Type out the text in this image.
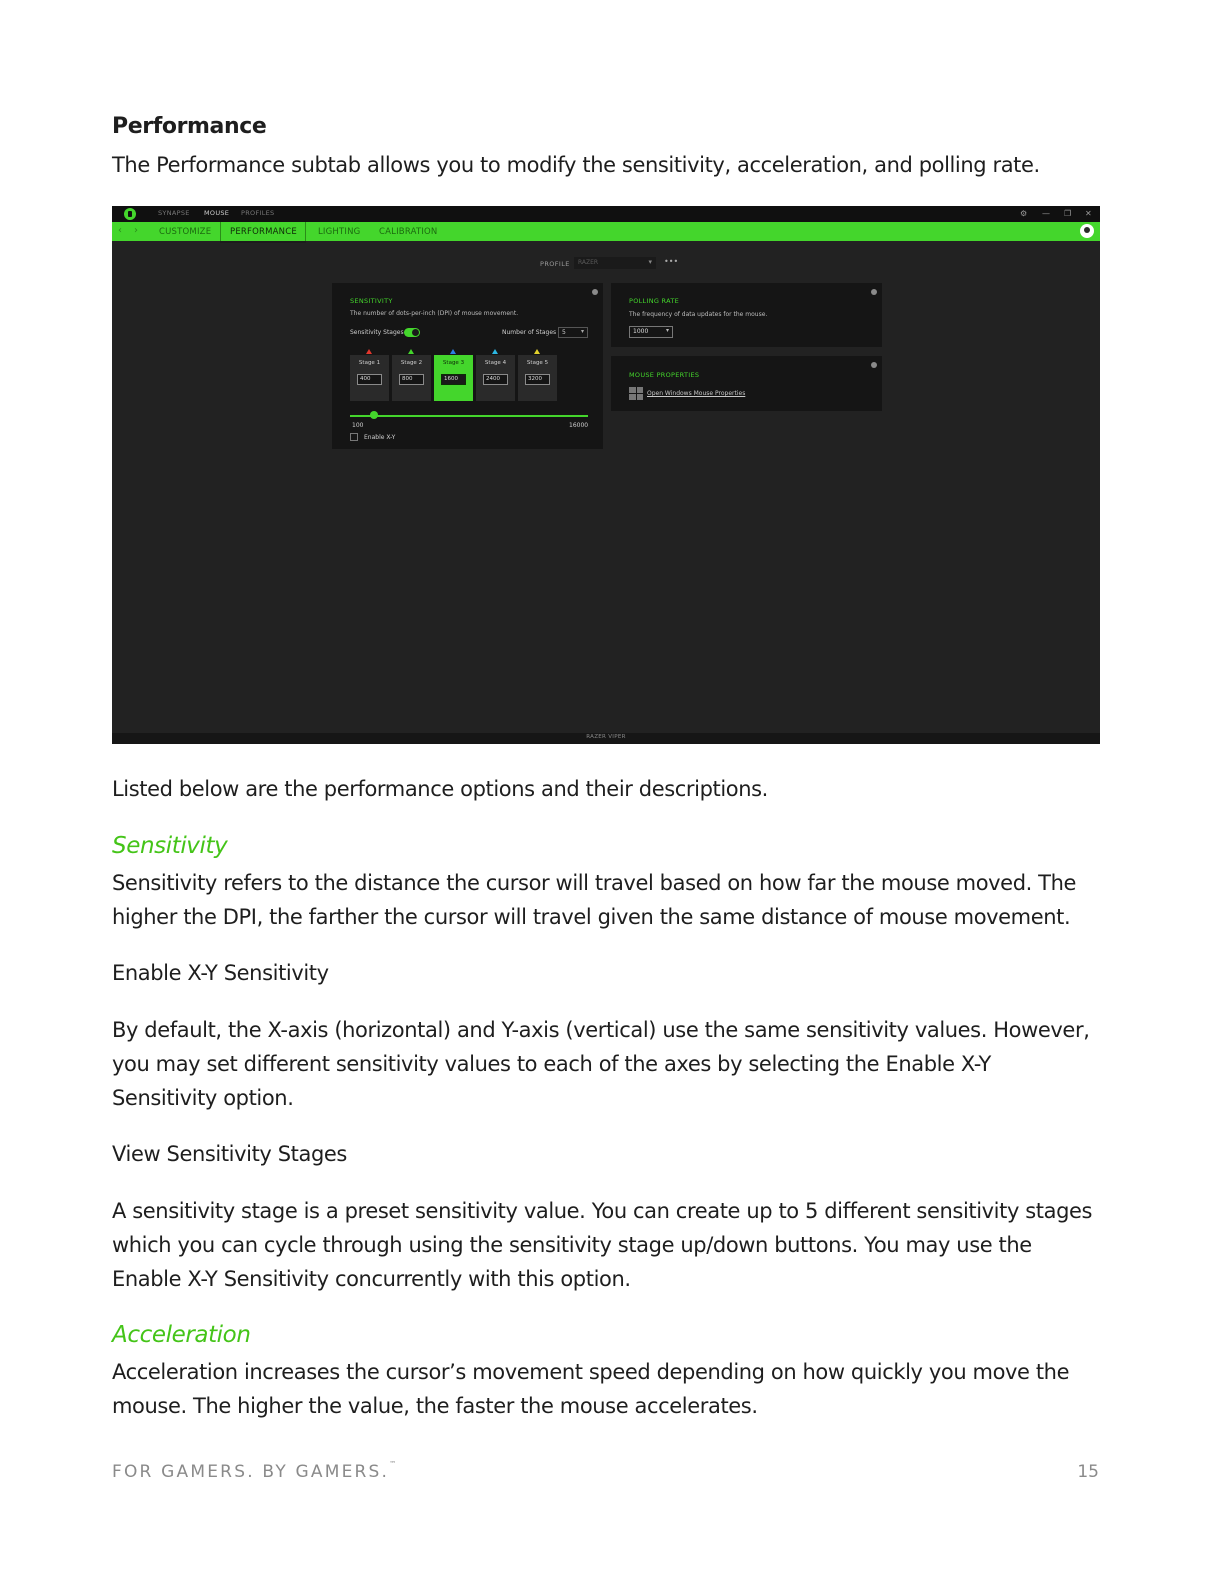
Performance
The Performance subtab allows you to modify the sensitivity, acceleration, and polling rate.
SYNAPSE MOUSE PROFILES	⚙ — ❐ ✕
‹ › CUSTOMIZE PERFORMANCE LIGHTING CALIBRATION
PROFILE	RAZER	▾ •••
SENSITIVITY
The number of dots-per-inch (DPI) of mouse movement.
Sensitivity Stages	Number of Stages 5	▾
100	16000
Enable X-Y
Stage 1
400
Stage 2
800
Stage 3
1600
Stage 4
2400
Stage 5
3200
POLLING RATE
The frequency of data updates for the mouse.
1000	▾
MOUSE PROPERTIES
Open Windows Mouse Properties
RAZER VIPER
Listed below are the performance options and their descriptions.
Sensitivity
Sensitivity refers to the distance the cursor will travel based on how far the mouse moved. The higher the DPI, the farther the cursor will travel given the same distance of mouse movement.
Enable X-Y Sensitivity
By default, the X-axis (horizontal) and Y-axis (vertical) use the same sensitivity values. However, you may set different sensitivity values to each of the axes by selecting the Enable X-Y Sensitivity option.
View Sensitivity Stages
A sensitivity stage is a preset sensitivity value. You can create up to 5 different sensitivity stages which you can cycle through using the sensitivity stage up/down buttons. You may use the Enable X-Y Sensitivity concurrently with this option.
Acceleration
Acceleration increases the cursor’s movement speed depending on how quickly you move the mouse. The higher the value, the faster the mouse accelerates.
FOR GAMERS. BY GAMERS.™	15
